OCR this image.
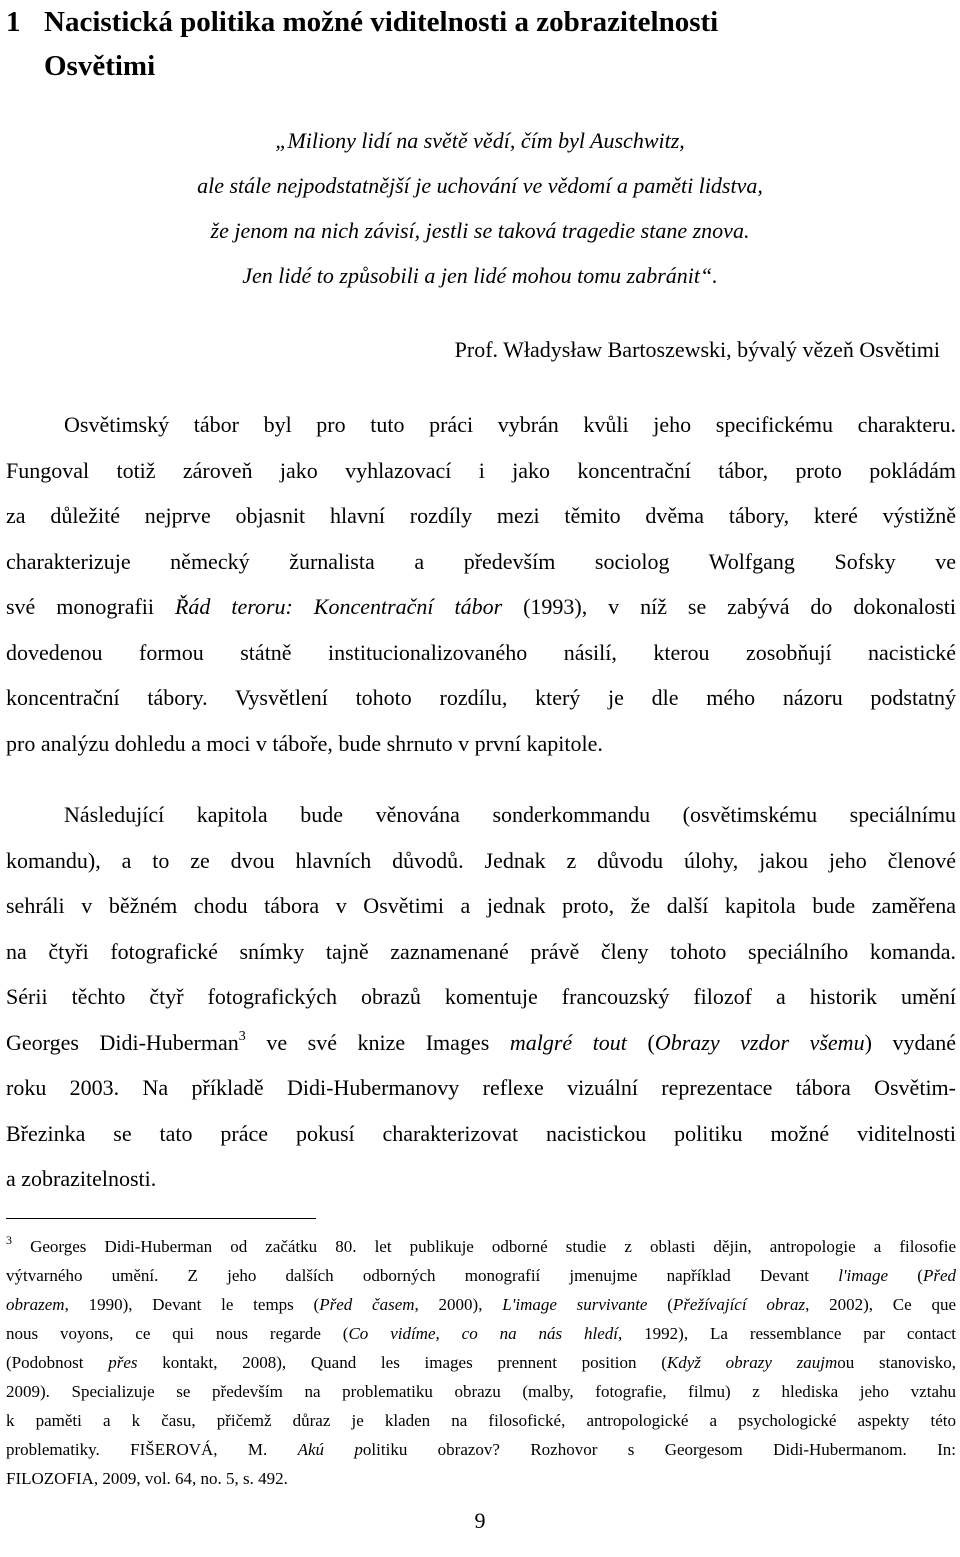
1 Nacistická politika možné viditelnosti a zobrazitelnosti
Osvětimi
„Miliony lidí na světě vědí, čím byl Auschwitz,
ale stále nejpodstatnější je uchování ve vědomí a paměti lidstva,
že jenom na nich závisí, jestli se taková tragedie stane znova.
Jen lidé to způsobili a jen lidé mohou tomu zabránit“.
Prof. Władysław Bartoszewski, bývalý vězeň Osvětimi
Osvětimský tábor byl pro tuto práci vybrán kvůli jeho specifickému charakteru.
Fungoval totiž zároveň jako vyhlazovací i jako koncentrační tábor, proto pokládám
za důležité nejprve objasnit hlavní rozdíly mezi těmito dvěma tábory, které výstižně
charakterizuje německý žurnalista a především sociolog Wolfgang Sofsky ve
své monografii Řád teroru: Koncentrační tábor (1993), v níž se zabývá do dokonalosti
dovedenou formou státně institucionalizovaného násilí, kterou zosobňují nacistické
koncentrační tábory. Vysvětlení tohoto rozdílu, který je dle mého názoru podstatný
pro analýzu dohledu a moci v táboře, bude shrnuto v první kapitole.
Následující kapitola bude věnována sonderkommandu (osvětimskému speciálnímu
komandu), a to ze dvou hlavních důvodů. Jednak z důvodu úlohy, jakou jeho členové
sehráli v běžném chodu tábora v Osvětimi a jednak proto, že další kapitola bude zaměřena
na čtyři fotografické snímky tajně zaznamenané právě členy tohoto speciálního komanda.
Sérii těchto čtyř fotografických obrazů komentuje francouzský filozof a historik umění
Georges Didi-Huberman$^3$ ve své knize Images malgré tout (Obrazy vzdor všemu) vydané
roku 2003. Na příkladě Didi-Hubermanovy reflexe vizuální reprezentace tábora Osvětim-
Březinka se tato práce pokusí charakterizovat nacistickou politiku možné viditelnosti
a zobrazitelnosti.
$^3$ Georges Didi-Huberman od začátku 80. let publikuje odborné studie z oblasti dějin, antropologie a filosofie
výtvarného umění. Z jeho dalších odborných monografií jmenujme například Devant l'image (Před
obrazem, 1990), Devant le temps (Před časem, 2000), L'image survivante (Přežívající obraz, 2002), Ce que
nous voyons, ce qui nous regarde (Co vidíme, co na nás hledí, 1992), La ressemblance par contact
(Podobnost přes kontakt, 2008), Quand les images prennent position (Když obrazy zaujmou stanovisko,
2009). Specializuje se především na problematiku obrazu (malby, fotografie, filmu) z hlediska jeho vztahu
k paměti a k času, přičemž důraz je kladen na filosofické, antropologické a psychologické aspekty této
problematiky. FIŠEROVÁ, M. Akú politiku obrazov? Rozhovor s Georgesom Didi-Hubermanom. In:
FILOZOFIA, 2009, vol. 64, no. 5, s. 492.
9
